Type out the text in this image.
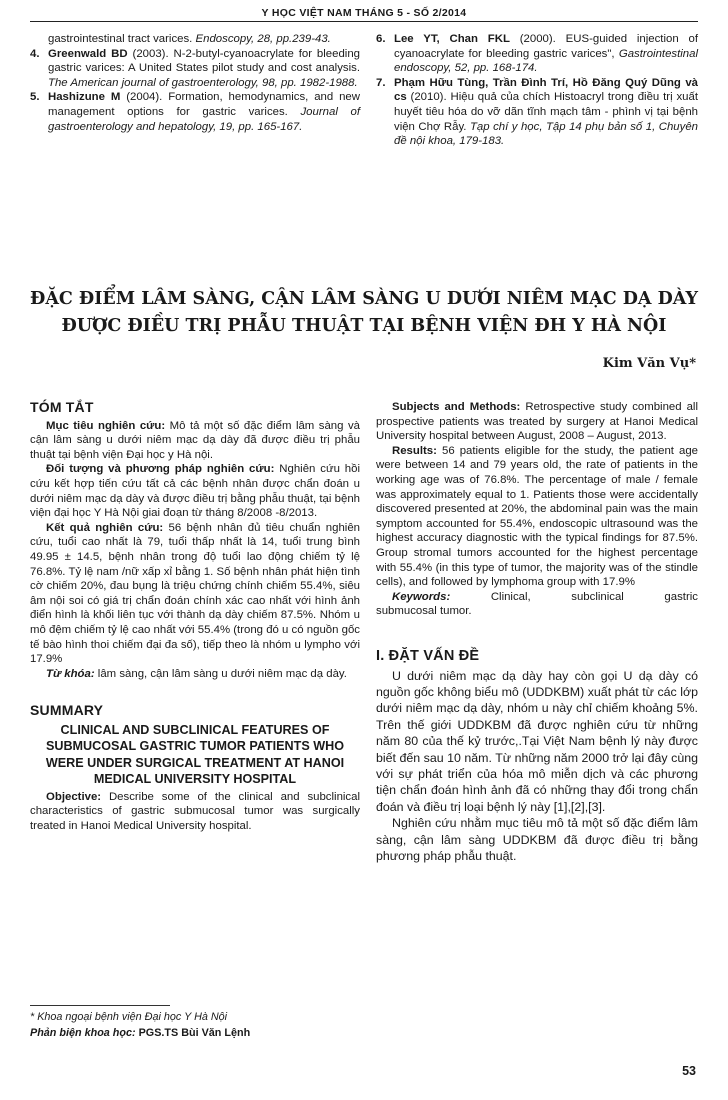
Y HỌC VIỆT NAM THÁNG 5 - SỐ 2/2014
gastrointestinal tract varices. Endoscopy, 28, pp.239-43.
4. Greenwald BD (2003). N-2-butyl-cyanoacrylate for bleeding gastric varices: A United States pilot study and cost analysis. The American journal of gastroenterology, 98, pp. 1982-1988.
5. Hashizune M (2004). Formation, hemodynamics, and new management options for gastric varices. Journal of gastroenterology and hepatology, 19, pp. 165-167.
6. Lee YT, Chan FKL (2000). EUS-guided injection of cyanoacrylate for bleeding gastric varices", Gastrointestinal endoscopy, 52, pp. 168-174.
7. Phạm Hữu Tùng, Trần Đình Trí, Hồ Đăng Quý Dũng và cs (2010). Hiệu quả của chích Histoacryl trong điều trị xuất huyết tiêu hóa do vỡ dãn tĩnh mạch tâm - phình vị tại bệnh viện Chợ Rẫy. Tạp chí y học, Tập 14 phụ bản số 1, Chuyên đề nội khoa, 179-183.
ĐẶC ĐIỂM LÂM SÀNG, CẬN LÂM SÀNG U DƯỚI NIÊM MẠC DẠ DÀY
ĐƯỢC ĐIỀU TRỊ PHẪU THUẬT TẠI BỆNH VIỆN ĐH Y HÀ NỘI
Kim Văn Vụ*
TÓM TẮT

Mục tiêu nghiên cứu: Mô tả một số đặc điểm lâm sàng và cận lâm sàng u dưới niêm mạc dạ dày đã được điều trị phẫu thuật tại bệnh viện Đại học y Hà nội.

Đối tượng và phương pháp nghiên cứu: Nghiên cứu hồi cứu kết hợp tiến cứu tất cả các bệnh nhân được chẩn đoán u dưới niêm mạc dạ dày và được điều trị bằng phẫu thuật, tại bệnh viện đại học Y Hà Nội giai đoạn từ tháng 8/2008 -8/2013.

Kết quả nghiên cứu: 56 bệnh nhân đủ tiêu chuẩn nghiên cứu, tuổi cao nhất là 79, tuổi thấp nhất là 14, tuổi trung bình 49.95 ± 14.5, bệnh nhân trong độ tuổi lao động chiếm tỷ lệ 76.8%. Tỷ lệ nam /nữ xấp xỉ bằng 1. Số bệnh nhân phát hiện tình cờ chiếm 20%, đau bụng là triệu chứng chính chiếm 55.4%, siêu âm nội soi có giá trị chẩn đoán chính xác cao nhất với hình ảnh điển hình là khối liên tục với thành dạ dày chiếm 87.5%. Nhóm u mô đệm chiếm tỷ lệ cao nhất với 55.4% (trong đó u có nguồn gốc tế bào hình thoi chiếm đại đa số), tiếp theo là nhóm u lympho với 17.9%

Từ khóa: lâm sàng, cận lâm sàng u dưới niêm mạc dạ dày.

SUMMARY
CLINICAL AND SUBCLINICAL FEATURES OF SUBMUCOSAL GASTRIC TUMOR PATIENTS WHO WERE UNDER SURGICAL TREATMENT AT HANOI MEDICAL UNIVERSITY HOSPITAL

Objective: Describe some of the clinical and subclinical characteristics of gastric submucosal tumor was surgically treated in Hanoi Medical University hospital.

Subjects and Methods: Retrospective study combined all prospective patients was treated by surgery at Hanoi Medical University hospital between August, 2008 – August, 2013.

Results: 56 patients eligible for the study, the patient age were between 14 and 79 years old, the rate of patients in the working age was of 76.8%. The percentage of male / female was approximately equal to 1. Patients those were accidentally discovered presented at 20%, the abdominal pain was the main symptom accounted for 55.4%, endoscopic ultrasound was the highest accuracy diagnostic with the typical findings for 87.5%. Group stromal tumors accounted for the highest percentage with 55.4% (in this type of tumor, the majority was of the stindle cells), and followed by lymphoma group with 17.9%

Keywords:	Clinical,	subclinical	gastric
submucosal tumor.
I. ĐẶT VẤN ĐỀ

U dưới niêm mạc dạ dày hay còn gọi U dạ dày có nguồn gốc không biểu mô (UDDKBM) xuất phát từ các lớp dưới niêm mạc dạ dày, nhóm u này chỉ chiếm khoảng 5%. Trên thế giới UDDKBM đã được nghiên cứu từ những năm 80 của thế kỷ trước,.Tại Việt Nam bệnh lý này được biết đến sau 10 năm. Từ những năm 2000 trở lại đây cùng với sự phát triển của hóa mô miễn dịch và các phương tiện chẩn đoán hình ảnh đã có những thay đổi trong chẩn đoán và điều trị loại bệnh lý này [1],[2],[3].

Nghiên cứu nhằm mục tiêu mô tả một số đặc điểm lâm sàng, cận lâm sàng UDDKBM đã được điều trị bằng phương pháp phẫu thuật.

* Khoa ngoại bệnh viện Đại học Y Hà Nội
Phản biện khoa học: PGS.TS Bùi Văn Lệnh
53
